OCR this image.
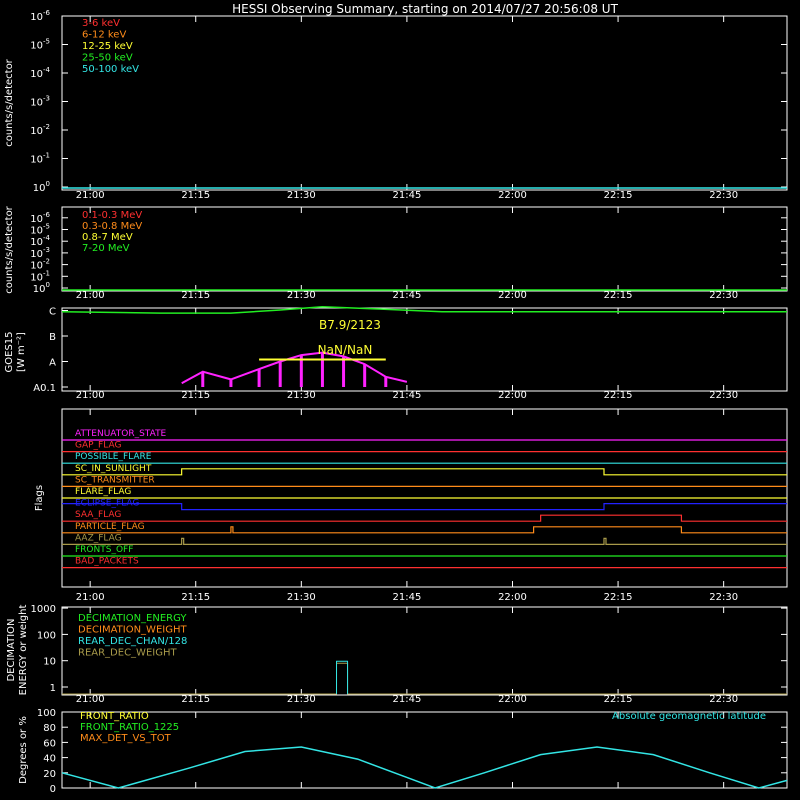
HESSI Observing Summary, starting on 2014/07/27 20:56:08 UT
21:00	21:15	21:30	21:45	22:00	22:15	22:30
21:00	21:15	21:30	21:45	22:00	22:15	22:30
21:00	21:15	21:30	21:45	22:00	22:15	22:30
21:00	21:15	21:30	21:45	22:00	22:15	22:30
21:00	21:15	21:30	21:45	22:00	22:15	22:30
counts/s/detector
$10^0$
$10^{-1}$
$10^{-2}$
$10^{-3}$
$10^{-4}$
$10^{-5}$
$10^{-6}$
3-6 keV
6-12 keV
12-25 keV
25-50 keV
50-100 keV
counts/s/detector $10^0$
$10^{-1}$
$10^{-2}$
$10^{-3}$
$10^{-4}$
$10^{-5}$
$10^{-6}$	0.1-0.3 MeV
0.3-0.8 MeV
0.8-7 MeV
7-20 MeV
GOES15 [W m⁻²]
A0.1
A
B
C
B7.9/2123
NaN/NaN
Flags
ATTENUATOR_STATE
GAP_FLAG
POSSIBLE_FLARE
SC_IN_SUNLIGHT
SC_TRANSMITTER
FLARE_FLAG
ECLIPSE_FLAG
SAA_FLAG
PARTICLE_FLAG
AAZ_FLAG
FRONTS_OFF
BAD_PACKETS
DECIMATION ENERGY or weight 1
10
100
1000
DECIMATION_ENERGY
DECIMATION_WEIGHT
REAR_DEC_CHAN/128
REAR_DEC_WEIGHT
Degrees or %
0
20
40
60
80
100 FRONT_RATIO
FRONT_RATIO_1225
MAX_DET_VS_TOT
Absolute geomagnetic latitude
